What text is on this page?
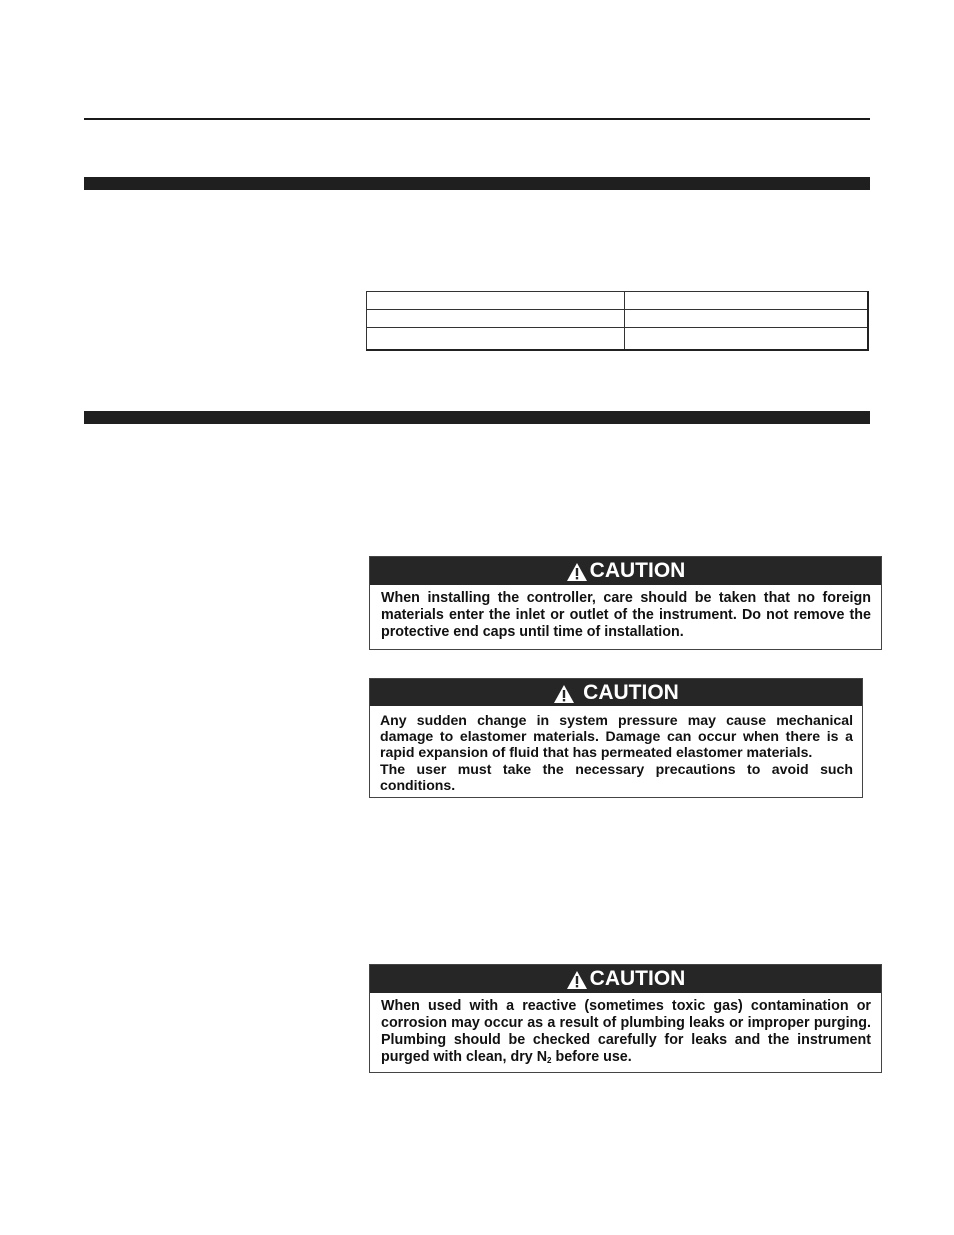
CAUTION

When installing the controller, care should be taken that no foreign materials enter the inlet or outlet of the instrument. Do not remove the protective end caps until time of installation.

CAUTION

Any sudden change in system pressure may cause mechanical damage to elastomer materials. Damage can occur when there is a rapid expansion of fluid that has permeated elastomer materials.

The user must take the necessary precautions to avoid such conditions.

CAUTION

When used with a reactive (sometimes toxic gas) contamination or corrosion may occur as a result of plumbing leaks or improper purging. Plumbing should be checked carefully for leaks and the instrument purged with clean, dry $N_2$ before use.
